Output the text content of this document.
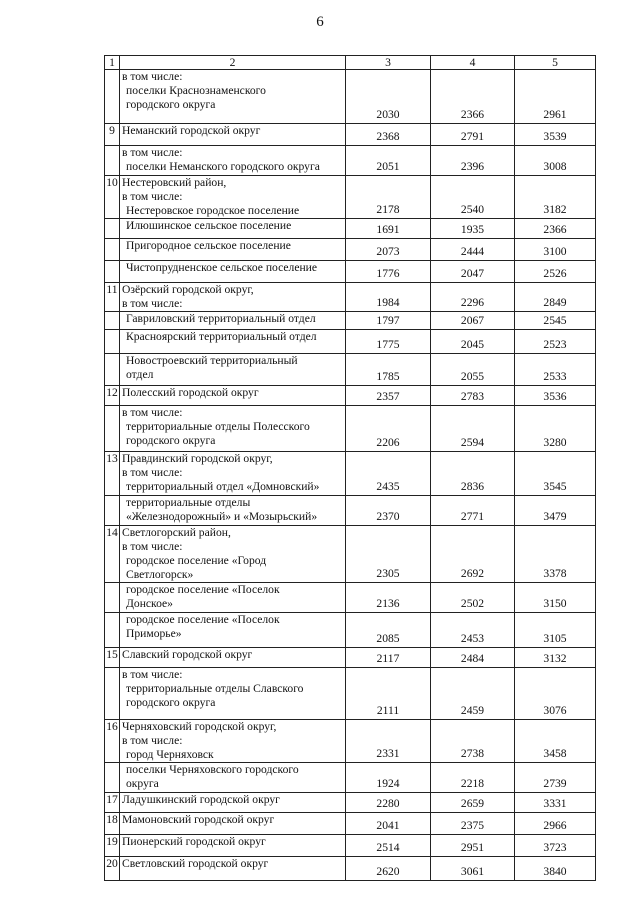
6
1	2	3	4	5

	в том числе:
поселки Краснознаменского
городского округа	2030	2366	2961
9	Неманский городской округ	2368	2791	3539

	в том числе:
поселки Неманского городского округа	2051	2396	3008
10	Нестеровский район,
в том числе:
Нестеровское городское поселение	2178	2540	3182

	Илюшинское сельское поселение	1691	1935	2366

	Пригородное сельское поселение	2073	2444	3100

	Чистопрудненское сельское поселение	1776	2047	2526
11	Озёрский городской округ,
в том числе:	1984	2296	2849

	Гавриловский территориальный отдел	1797	2067	2545

	Краснoярский территориальный отдел	1775	2045	2523

	Новостроевский территориальный
отдел	1785	2055	2533
12	Полесский городской округ	2357	2783	3536

	в том числе:
территориальные отделы Полесского
городского округа	2206	2594	3280
13	Правдинский городской округ,
в том числе:
территориальный отдел «Домновский»	2435	2836	3545

	территориальные отделы
«Железнодорожный» и «Мозырьский»	2370	2771	3479
14	Светлогорский район,
в том числе:
городское поселение «Город
Светлогорск»	2305	2692	3378

	городское поселение «Поселок
Донское»	2136	2502	3150

	городское поселение «Поселок
Приморье»	2085	2453	3105
15	Славский городской округ	2117	2484	3132

	в том числе:
территориальные отделы Славского
городского округа	2111	2459	3076
16	Черняховский городской округ,
в том числе:
город Черняховск	2331	2738	3458

	поселки Черняховского городского
округа	1924	2218	2739
17	Ладушкинский городской округ	2280	2659	3331
18	Мамоновский городской округ	2041	2375	2966
19	Пионерский городской округ	2514	2951	3723
20	Светловский городской округ	2620	3061	3840
